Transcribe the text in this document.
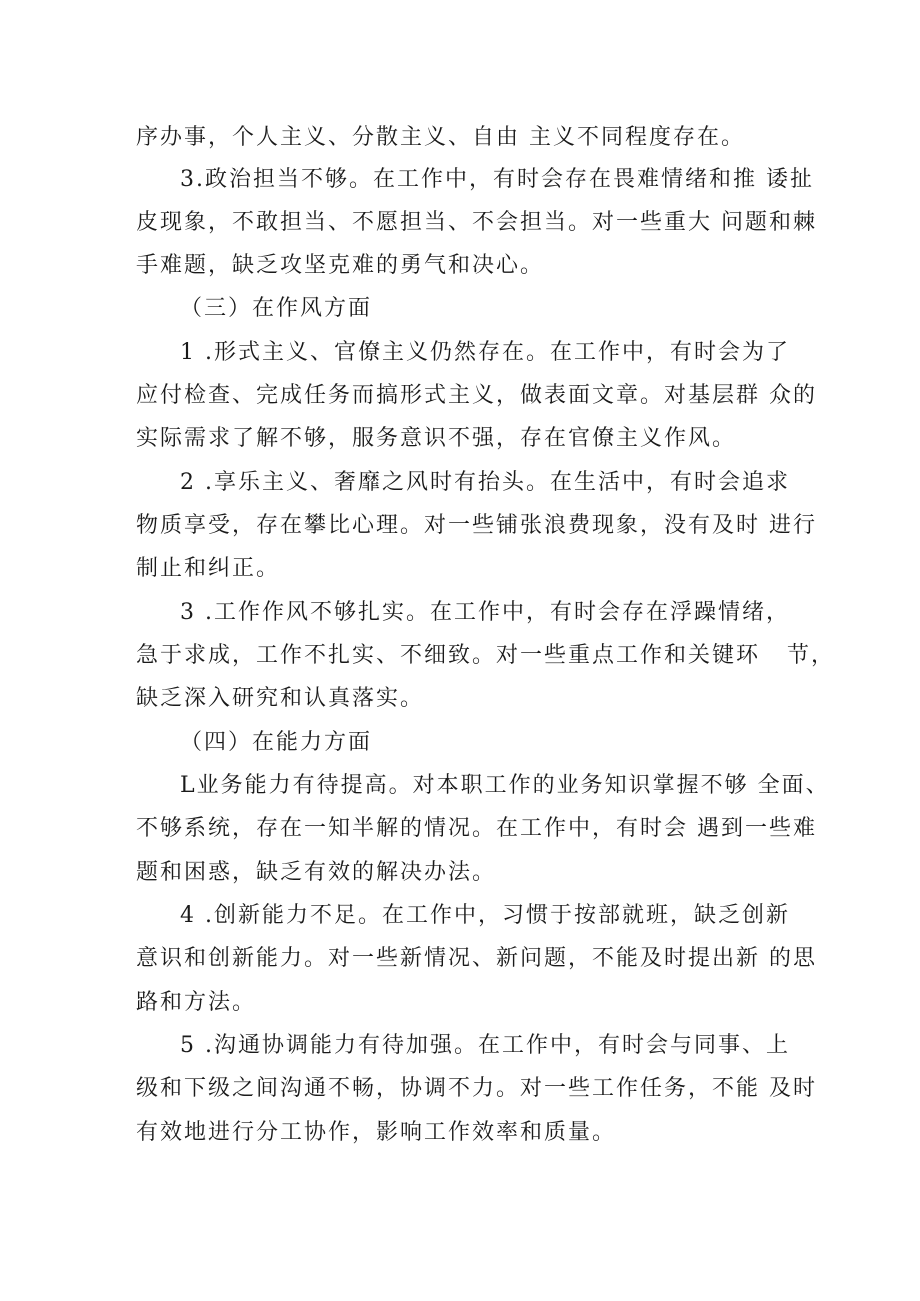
序办事，个人主义、分散主义、自由 主义不同程度存在。

3.政治担当不够。在工作中，有时会存在畏难情绪和推 诿扯

皮现象，不敢担当、不愿担当、不会担当。对一些重大 问题和棘

手难题，缺乏攻坚克难的勇气和决心。

（三）在作风方面

1 .形式主义、官僚主义仍然存在。在工作中，有时会为了

应付检查、完成任务而搞形式主义，做表面文章。对基层群 众的

实际需求了解不够，服务意识不强，存在官僚主义作风。

2 .享乐主义、奢靡之风时有抬头。在生活中，有时会追求

物质享受，存在攀比心理。对一些铺张浪费现象，没有及时 进行

制止和纠正。

3 .工作作风不够扎实。在工作中，有时会存在浮躁情绪，

急于求成，工作不扎实、不细致。对一些重点工作和关键环   节，

缺乏深入研究和认真落实。

（四）在能力方面

L业务能力有待提高。对本职工作的业务知识掌握不够 全面、

不够系统，存在一知半解的情况。在工作中，有时会 遇到一些难

题和困惑，缺乏有效的解决办法。

4 .创新能力不足。在工作中，习惯于按部就班，缺乏创新

意识和创新能力。对一些新情况、新问题，不能及时提出新 的思

路和方法。

5 .沟通协调能力有待加强。在工作中，有时会与同事、上

级和下级之间沟通不畅，协调不力。对一些工作任务，不能 及时

有效地进行分工协作，影响工作效率和质量。
